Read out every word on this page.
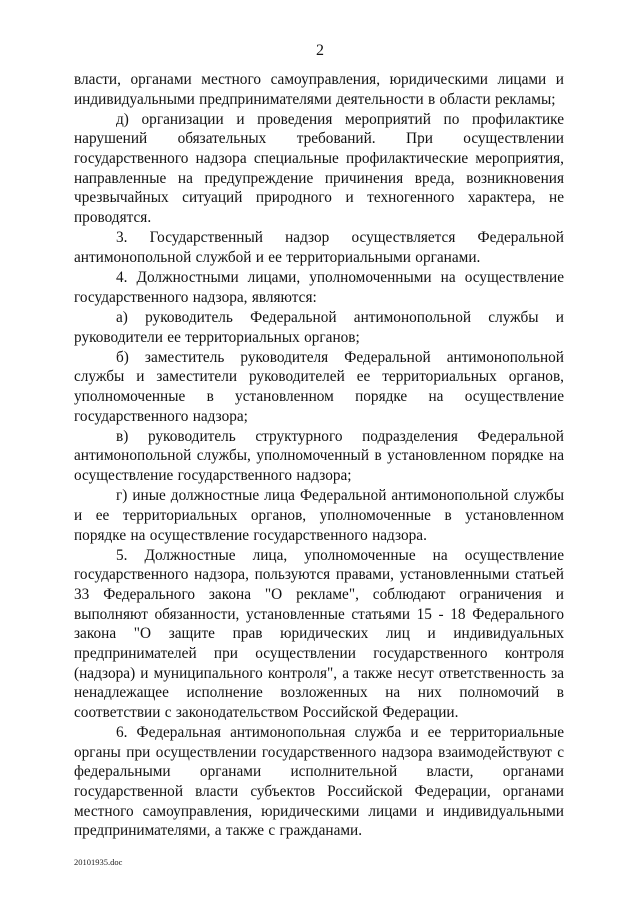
2

власти, органами местного самоуправления, юридическими лицами и индивидуальными предпринимателями деятельности в области рекламы;

д) организации и проведения мероприятий по профилактике нарушений обязательных требований. При осуществлении государственного надзора специальные профилактические мероприятия, направленные на предупреждение причинения вреда, возникновения чрезвычайных ситуаций природного и техногенного характера, не проводятся.

3. Государственный надзор осуществляется Федеральной антимонопольной службой и ее территориальными органами.

4. Должностными лицами, уполномоченными на осуществление государственного надзора, являются:

а) руководитель Федеральной антимонопольной службы и руководители ее территориальных органов;

б) заместитель руководителя Федеральной антимонопольной службы и заместители руководителей ее территориальных органов, уполномоченные в установленном порядке на осуществление государственного надзора;

в) руководитель структурного подразделения Федеральной антимонопольной службы, уполномоченный в установленном порядке на осуществление государственного надзора;

г) иные должностные лица Федеральной антимонопольной службы и ее территориальных органов, уполномоченные в установленном порядке на осуществление государственного надзора.

5. Должностные лица, уполномоченные на осуществление государственного надзора, пользуются правами, установленными статьей 33 Федерального закона "О рекламе", соблюдают ограничения и выполняют обязанности, установленные статьями 15 - 18 Федерального закона "О защите прав юридических лиц и индивидуальных предпринимателей при осуществлении государственного контроля (надзора) и муниципального контроля", а также несут ответственность за ненадлежащее исполнение возложенных на них полномочий в соответствии с законодательством Российской Федерации.

6. Федеральная антимонопольная служба и ее территориальные органы при осуществлении государственного надзора взаимодействуют с федеральными органами исполнительной власти, органами государственной власти субъектов Российской Федерации, органами местного самоуправления, юридическими лицами и индивидуальными предпринимателями, а также с гражданами.

20101935.doc
